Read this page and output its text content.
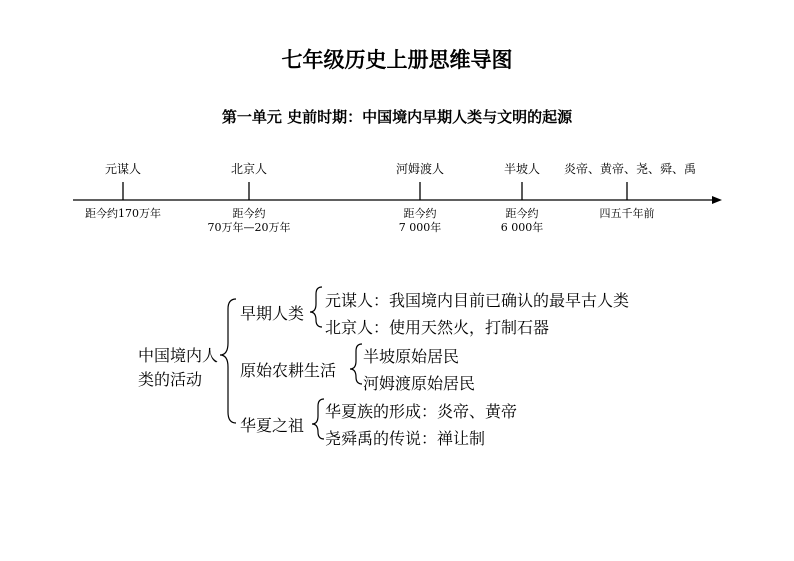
七年级历史上册思维导图
第一单元 史前时期：中国境内早期人类与文明的起源
元谋人	北京人	河姆渡人	半坡人 炎帝、黄帝、尧、舜、禹
距今约170万年	距今约
70万年—20万年
距今约
7 000年
距今约
6 000年
四五千年前
中国境内人
类的活动
早期人类
原始农耕生活
华夏之祖
元谋人：我国境内目前已确认的最早古人类
北京人：使用天然火，打制石器
半坡原始居民
河姆渡原始居民
华夏族的形成：炎帝、黄帝
尧舜禹的传说：禅让制
